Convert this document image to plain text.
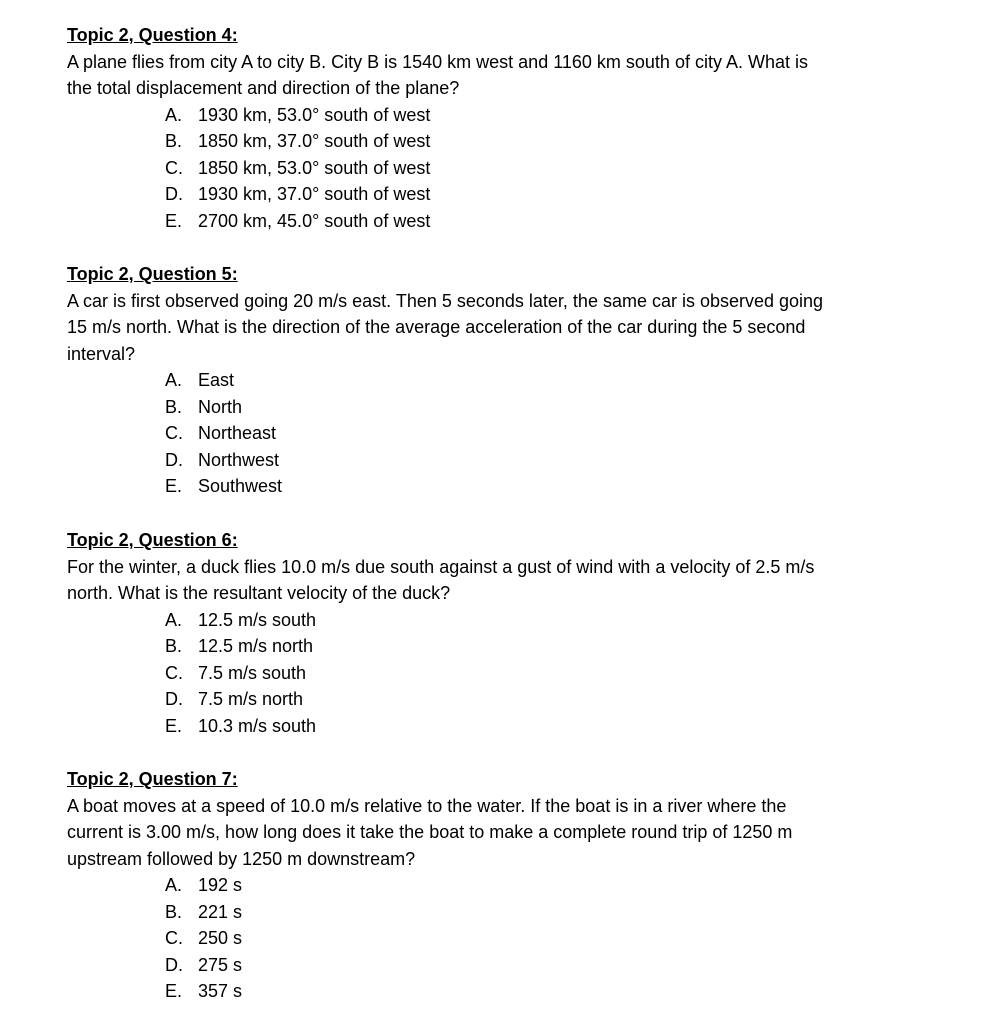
Topic 2, Question 4:
A plane flies from city A to city B. City B is 1540 km west and 1160 km south of city A. What is
the total displacement and direction of the plane?
A. 1930 km, 53.0° south of west
B. 1850 km, 37.0° south of west
C. 1850 km, 53.0° south of west
D. 1930 km, 37.0° south of west
E. 2700 km, 45.0° south of west
Topic 2, Question 5:
A car is first observed going 20 m/s east. Then 5 seconds later, the same car is observed going
15 m/s north. What is the direction of the average acceleration of the car during the 5 second
interval?
A. East
B. North
C. Northeast
D. Northwest
E. Southwest
Topic 2, Question 6:
For the winter, a duck flies 10.0 m/s due south against a gust of wind with a velocity of 2.5 m/s
north. What is the resultant velocity of the duck?
A. 12.5 m/s south
B. 12.5 m/s north
C. 7.5 m/s south
D. 7.5 m/s north
E. 10.3 m/s south
Topic 2, Question 7:
A boat moves at a speed of 10.0 m/s relative to the water. If the boat is in a river where the
current is 3.00 m/s, how long does it take the boat to make a complete round trip of 1250 m
upstream followed by 1250 m downstream?
A. 192 s
B. 221 s
C. 250 s
D. 275 s
E. 357 s
